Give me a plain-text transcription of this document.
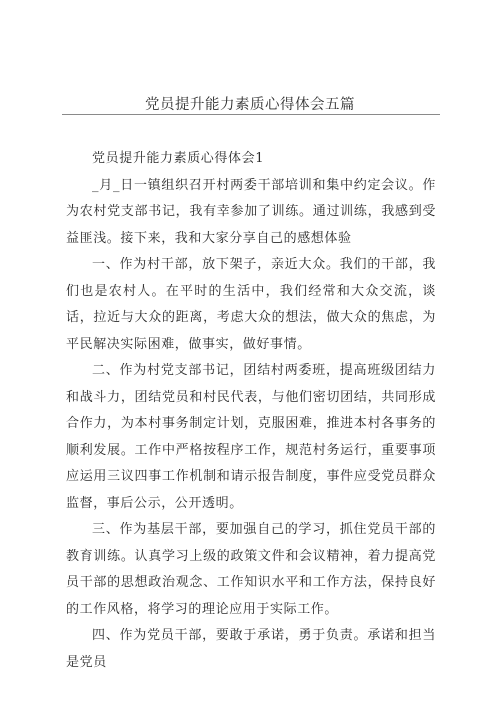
党员提升能力素质心得体会五篇

党员提升能力素质心得体会1

_月_日一镇组织召开村两委干部培训和集中约定会议。作为农村党支部书记，我有幸参加了训练。通过训练，我感到受益匪浅。接下来，我和大家分享自己的感想体验

一、作为村干部，放下架子，亲近大众。我们的干部，我们也是农村人。在平时的生活中，我们经常和大众交流，谈话，拉近与大众的距离，考虑大众的想法，做大众的焦虑，为平民解决实际困难，做事实，做好事情。

二、作为村党支部书记，团结村两委班，提高班级团结力和战斗力，团结党员和村民代表，与他们密切团结，共同形成合作力，为本村事务制定计划，克服困难，推进本村各事务的顺利发展。工作中严格按程序工作，规范村务运行，重要事项应运用三议四事工作机制和请示报告制度，事件应受党员群众监督，事后公示，公开透明。

三、作为基层干部，要加强自己的学习，抓住党员干部的教育训练。认真学习上级的政策文件和会议精神，着力提高党员干部的思想政治观念、工作知识水平和工作方法，保持良好的工作风格，将学习的理论应用于实际工作。

四、作为党员干部，要敢于承诺，勇于负责。承诺和担当是党员
